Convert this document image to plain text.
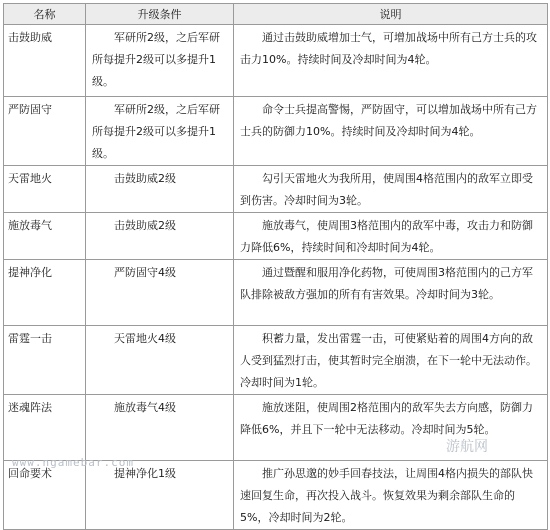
名称	升级条件	说明
击鼓助威	军研所2级，之后军研所每提升2级可以多提升1级。	通过击鼓助威增加士气，可增加战场中所有己方士兵的攻击力10%。持续时间及冷却时间为4轮。
严防固守	军研所2级，之后军研所每提升2级可以多提升1级。	命令士兵提高警惕，严防固守，可以增加战场中所有己方士兵的防御力10%。持续时间及冷却时间为4轮。
天雷地火	击鼓助威2级	勾引天雷地火为我所用，使周围4格范围内的敌军立即受到伤害。冷却时间为3轮。
施放毒气	击鼓助威2级	施放毒气，使周围3格范围内的敌军中毒，攻击力和防御力降低6%，持续时间和冷却时间为4轮。
提神净化	严防固守4级	通过暨醒和服用净化药物，可使周围3格范围内的己方军队排除被敌方强加的所有有害效果。冷却时间为3轮。
雷霆一击	天雷地火4级	积蓄力量，发出雷霆一击，可使紧贴着的周围4方向的敌人受到猛烈打击，使其暂时完全崩溃，在下一轮中无法动作。冷却时间为1轮。
迷魂阵法	施放毒气4级	施放迷阻，使周围2格范围内的敌军失去方向感，防御力降低6%，并且下一轮中无法移动。冷却时间为5轮。
回命要术	提神净化1级	推广孙思邈的妙手回春技法，让周围4格内损失的部队快速回复生命，再次投入战斗。恢复效果为剩余部队生命的5%，冷却时间为2轮。
游航网
www.ngamebar.com
